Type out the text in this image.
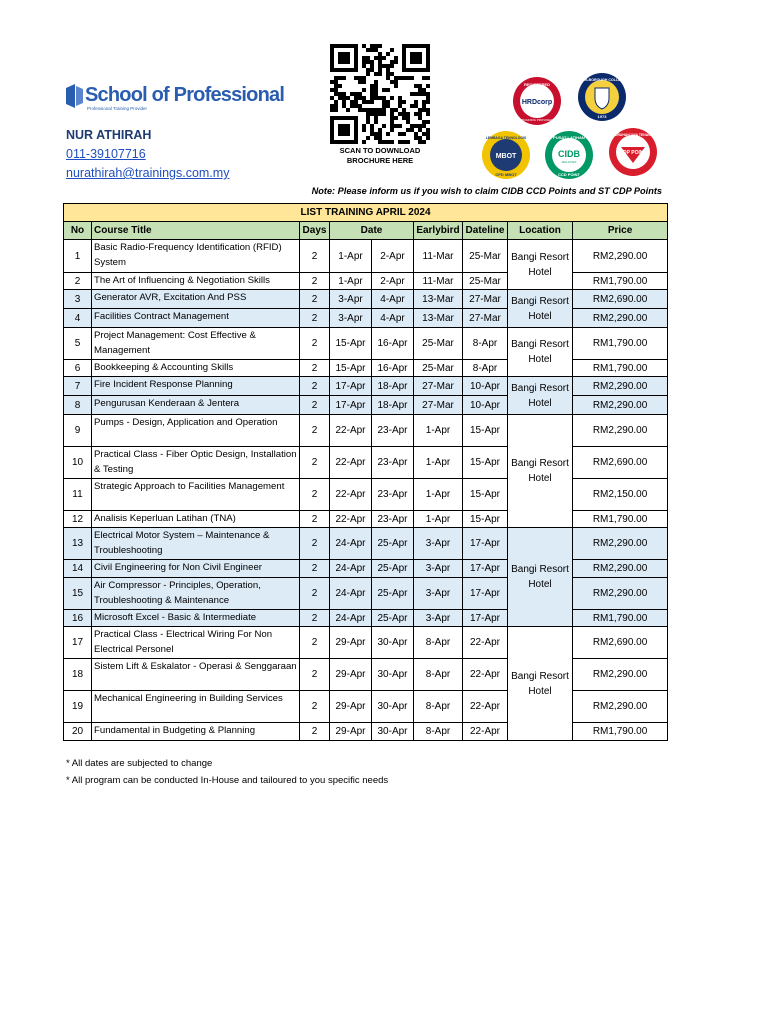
School of Professional
Professional Training Provider
NUR ATHIRAH
011-39107716
nurathirah@trainings.com.my
SCAN TO DOWNLOAD
BROCHURE HERE
HRDcorp
REGISTERED
TRAINING PROVIDER
MARLBOROUGH COLLEGE
1973
MBOT
LEMBAGA TEKNOLOGIS
CPD MBOT
CIDB
MALAYSIA
PUSAT LATIHAN
CCD POINT
CDP POINT
SURUHANJAYA TENAGA
Note: Please inform us if you wish to claim CIDB CCD Points and ST CDP Points
LIST TRAINING APRIL 2024								
No	Course Title	Days	Date		Earlybird	Dateline	Location	Price
1	Basic Radio-Frequency Identification (RFID) System	2	1-Apr	2-Apr	11-Mar	25-Mar	Bangi Resort Hotel	RM2,290.00
2	The Art of Influencing & Negotiation Skills	2	1-Apr	2-Apr	11-Mar	25-Mar		RM1,790.00
3	Generator AVR, Excitation And PSS	2	3-Apr	4-Apr	13-Mar	27-Mar	Bangi Resort Hotel	RM2,690.00
4	Facilities Contract Management	2	3-Apr	4-Apr	13-Mar	27-Mar		RM2,290.00
5	Project Management: Cost Effective & Management	2	15-Apr	16-Apr	25-Mar	8-Apr	Bangi Resort Hotel	RM1,790.00
6	Bookkeeping & Accounting Skills	2	15-Apr	16-Apr	25-Mar	8-Apr		RM1,790.00
7	Fire Incident Response Planning	2	17-Apr	18-Apr	27-Mar	10-Apr	Bangi Resort Hotel	RM2,290.00
8	Pengurusan Kenderaan & Jentera	2	17-Apr	18-Apr	27-Mar	10-Apr		RM2,290.00
9	Pumps - Design, Application and Operation	2	22-Apr	23-Apr	1-Apr	15-Apr	Bangi Resort Hotel	RM2,290.00
10	Practical Class - Fiber Optic Design, Installation & Testing	2	22-Apr	23-Apr	1-Apr	15-Apr		RM2,690.00
11	Strategic Approach to Facilities Management	2	22-Apr	23-Apr	1-Apr	15-Apr		RM2,150.00
12	Analisis Keperluan Latihan (TNA)	2	22-Apr	23-Apr	1-Apr	15-Apr		RM1,790.00
13	Electrical Motor System – Maintenance & Troubleshooting	2	24-Apr	25-Apr	3-Apr	17-Apr	Bangi Resort Hotel	RM2,290.00
14	Civil Engineering for Non Civil Engineer	2	24-Apr	25-Apr	3-Apr	17-Apr		RM2,290.00
15	Air Compressor - Principles, Operation, Troubleshooting & Maintenance	2	24-Apr	25-Apr	3-Apr	17-Apr		RM2,290.00
16	Microsoft Excel - Basic & Intermediate	2	24-Apr	25-Apr	3-Apr	17-Apr		RM1,790.00
17	Practical Class - Electrical Wiring For Non Electrical Personel	2	29-Apr	30-Apr	8-Apr	22-Apr	Bangi Resort Hotel	RM2,690.00
18	Sistem Lift & Eskalator - Operasi & Senggaraan	2	29-Apr	30-Apr	8-Apr	22-Apr		RM2,290.00
19	Mechanical Engineering in Building Services	2	29-Apr	30-Apr	8-Apr	22-Apr		RM2,290.00
20	Fundamental in Budgeting & Planning	2	29-Apr	30-Apr	8-Apr	22-Apr		RM1,790.00
* All dates are subjected to change
* All program can be conducted In-House and tailoured to you specific needs
